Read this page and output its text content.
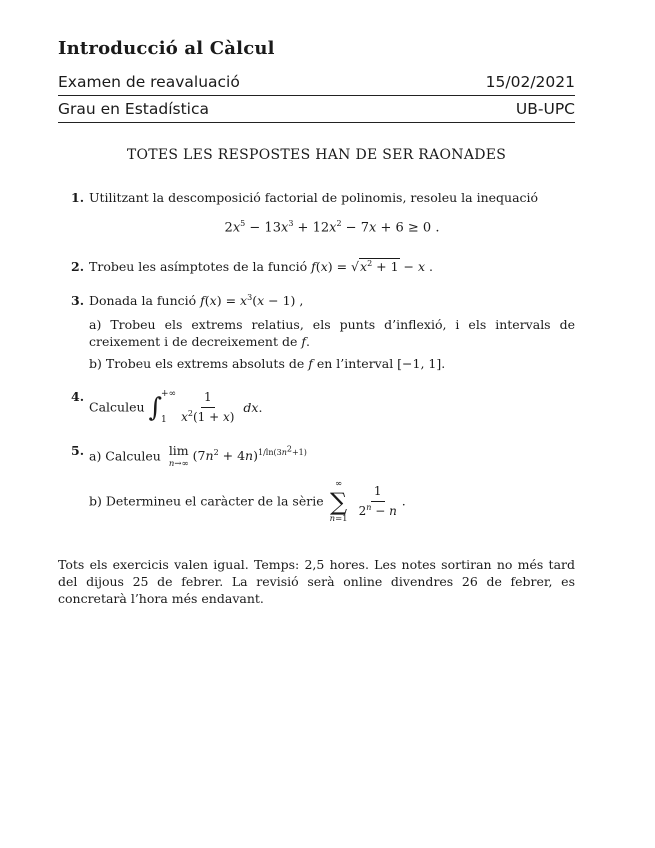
Introducció al Càlcul
Examen de reavaluació	15/02/2021
Grau en Estadística	UB-UPC
TOTES LES RESPOSTES HAN DE SER RAONADES
1. Utilitzant la descomposició factorial de polinomis, resoleu la inequació
$2x^5 - 13x^3 + 12x^2 - 7x + 6 \ge 0$ .
2. Trobeu les asímptotes de la funció $f(x) = √x^2 + 1 - x$ .
3. Donada la funció $f(x) = x^3(x - 1)$ ,
a) Trobeu els extrems relatius, els punts d’inflexió, i els intervals de creixement i de decreixement de f.
b) Trobeu els extrems absoluts de f en l’interval [−1, 1].
4.
Calculeu ∫ +∞
$1 \frac{1}{x^2(1 + x)}$ dx.
5. a) Calculeu lim
n→∞
$(7n^2 + 4n)^{1/ln(3n^2+1)}$
b) Determineu el caràcter de la sèrie
∞
∑
n=1
$\frac{1}{2^n - n}$ .
Tots els exercicis valen igual. Temps: 2,5 hores. Les notes sortiran no més tard del dijous 25 de febrer. La revisió serà online divendres 26 de febrer, es concretarà l’hora més endavant.
